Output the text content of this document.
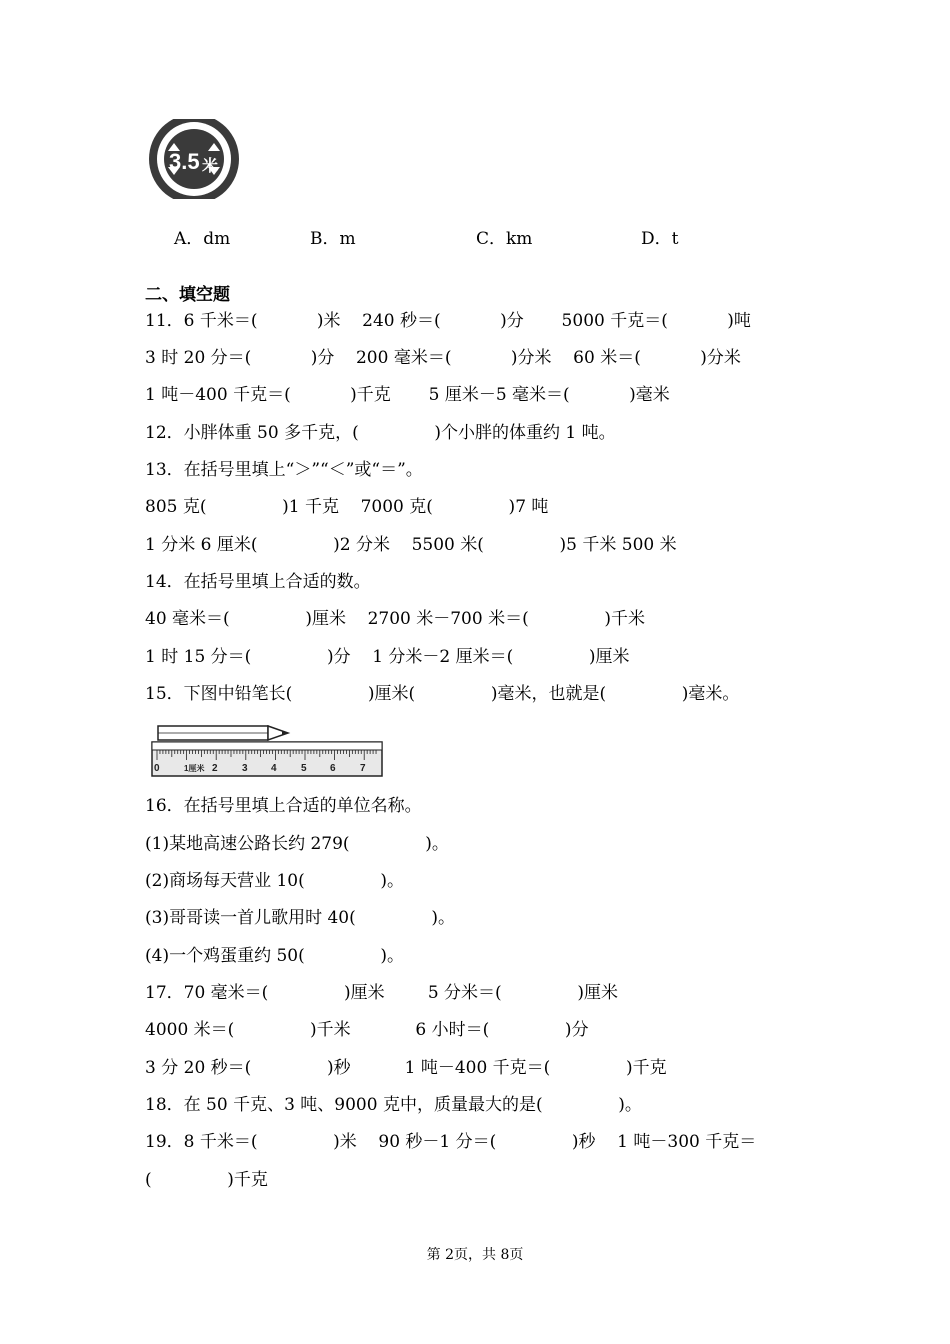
3.5 米
A．dm	B．m	C．km	D．t
二、填空题
11．6 千米＝(           )米    240 秒＝(           )分       5000 千克＝(           )吨
3 时 20 分＝(           )分    200 毫米＝(           )分米    60 米＝(           )分米
1 吨－400 千克＝(           )千克       5 厘米－5 毫米＝(           )毫米
12．小胖体重 50 多千克，(              )个小胖的体重约 1 吨。
13．在括号里填上“＞”“＜”或“＝”。
805 克(              )1 千克    7000 克(              )7 吨
1 分米 6 厘米(              )2 分米    5500 米(              )5 千米 500 米
14．在括号里填上合适的数。
40 毫米＝(              )厘米    2700 米－700 米＝(              )千米
1 时 15 分＝(              )分    1 分米－2 厘米＝(              )厘米
15．下图中铅笔长(              )厘米(              )毫米，也就是(              )毫米。
0	1厘米 2 3 4 5 6 7
16．在括号里填上合适的单位名称。
(1)某地高速公路长约 279(              )。
(2)商场每天营业 10(              )。
(3)哥哥读一首儿歌用时 40(              )。
(4)一个鸡蛋重约 50(              )。
17．70 毫米＝(              )厘米        5 分米＝(              )厘米
4000 米＝(              )千米            6 小时＝(              )分
3 分 20 秒＝(              )秒          1 吨－400 千克＝(              )千克
18．在 50 千克、3 吨、9000 克中，质量最大的是(              )。
19．8 千米＝(              )米    90 秒－1 分＝(              )秒    1 吨－300 千克＝
(              )千克
第 2页，共 8页
